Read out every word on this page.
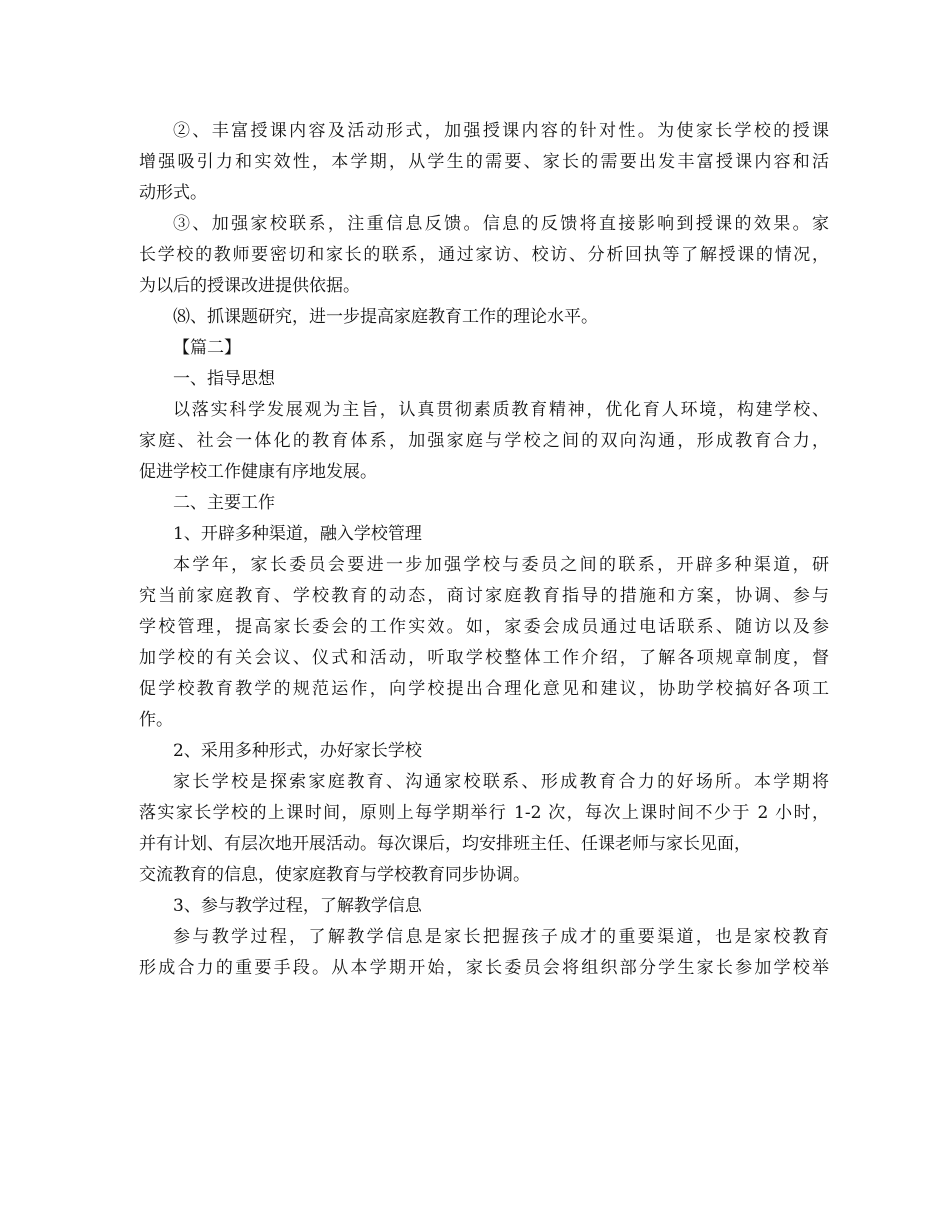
②、丰富授课内容及活动形式，加强授课内容的针对性。为使家长学校的授课
增强吸引力和实效性，本学期，从学生的需要、家长的需要出发丰富授课内容和活
动形式。
③、加强家校联系，注重信息反馈。信息的反馈将直接影响到授课的效果。家
长学校的教师要密切和家长的联系，通过家访、校访、分析回执等了解授课的情况，
为以后的授课改进提供依据。
⑻、抓课题研究，进一步提高家庭教育工作的理论水平。
【篇二】
一、指导思想
以落实科学发展观为主旨，认真贯彻素质教育精神，优化育人环境，构建学校、
家庭、社会一体化的教育体系，加强家庭与学校之间的双向沟通，形成教育合力，
促进学校工作健康有序地发展。
二、主要工作
1、开辟多种渠道，融入学校管理
本学年，家长委员会要进一步加强学校与委员之间的联系，开辟多种渠道，研
究当前家庭教育、学校教育的动态，商讨家庭教育指导的措施和方案，协调、参与
学校管理，提高家长委会的工作实效。如，家委会成员通过电话联系、随访以及参
加学校的有关会议、仪式和活动，听取学校整体工作介绍，了解各项规章制度，督
促学校教育教学的规范运作，向学校提出合理化意见和建议，协助学校搞好各项工
作。
2、采用多种形式，办好家长学校
家长学校是探索家庭教育、沟通家校联系、形成教育合力的好场所。本学期将
落实家长学校的上课时间，原则上每学期举行 1-2 次，每次上课时间不少于 2 小时，
并有计划、有层次地开展活动。每次课后，均安排班主任、任课老师与家长见面，
交流教育的信息，使家庭教育与学校教育同步协调。
3、参与教学过程，了解教学信息
参与教学过程，了解教学信息是家长把握孩子成才的重要渠道，也是家校教育
形成合力的重要手段。从本学期开始，家长委员会将组织部分学生家长参加学校举
